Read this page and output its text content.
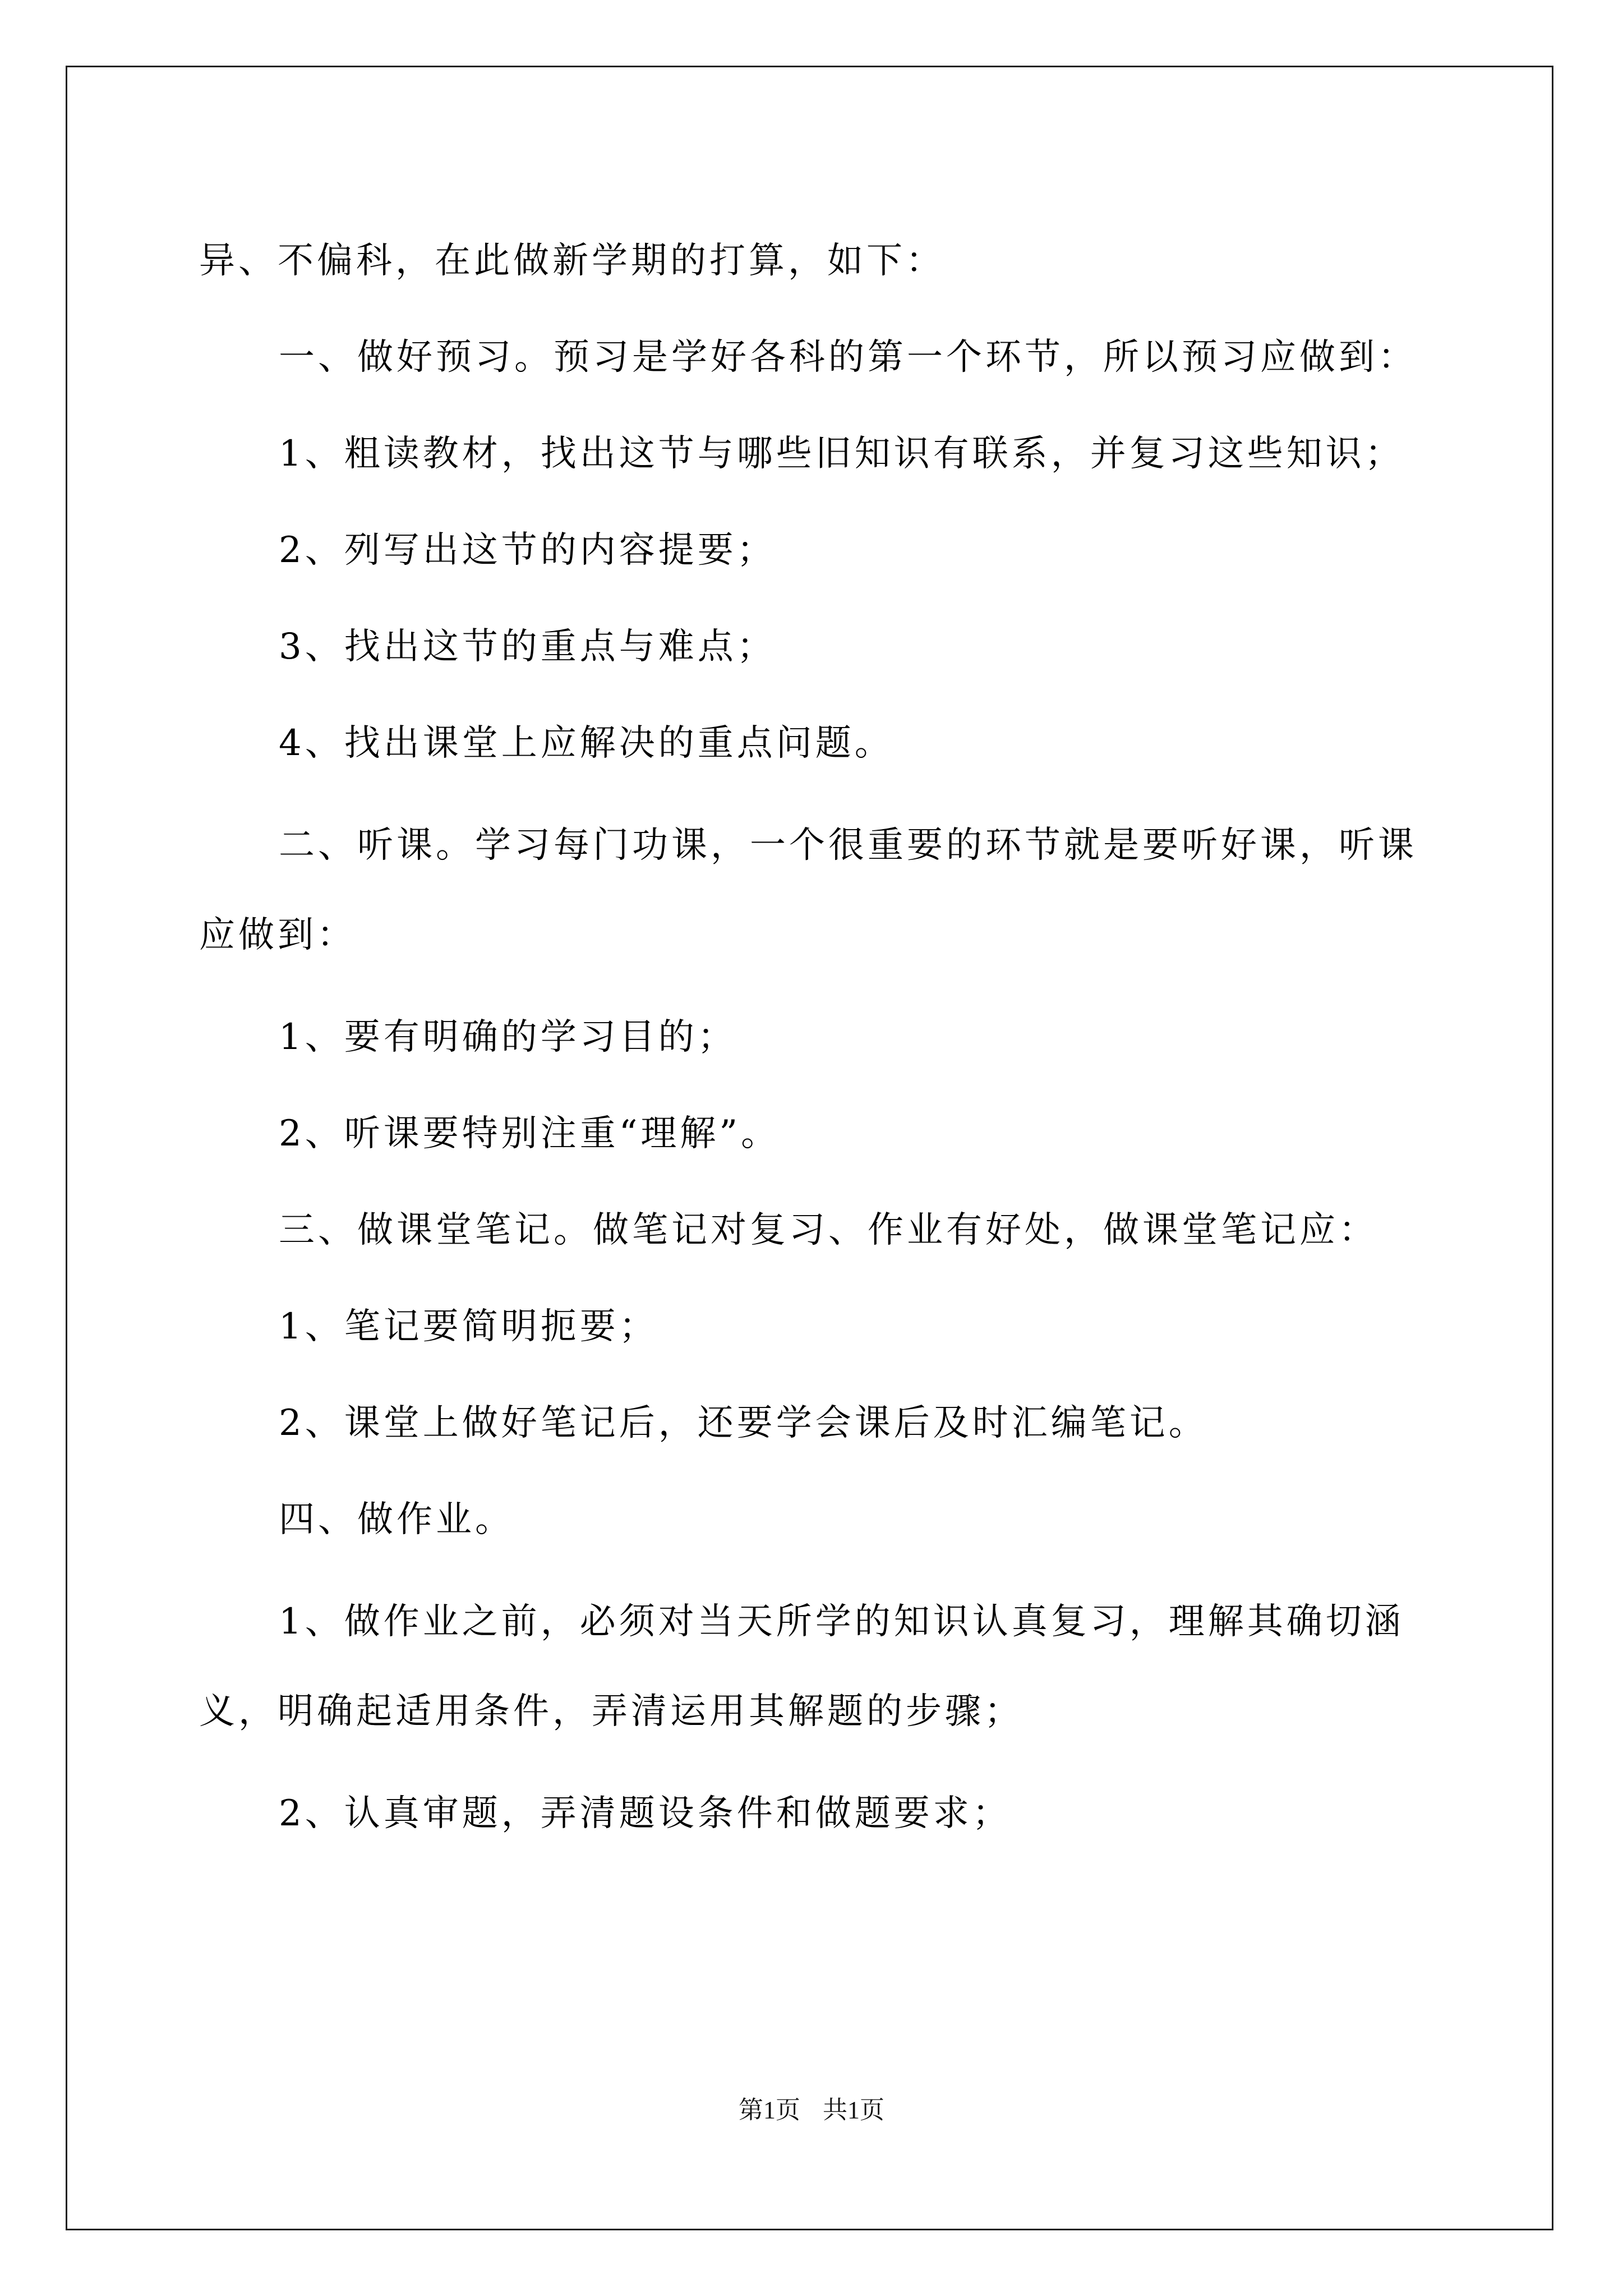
异、不偏科，在此做新学期的打算，如下：

一、做好预习。预习是学好各科的第一个环节，所以预习应做到：

1、粗读教材，找出这节与哪些旧知识有联系，并复习这些知识；

2、列写出这节的内容提要；

3、找出这节的重点与难点；

4、找出课堂上应解决的重点问题。

二、听课。学习每门功课，一个很重要的环节就是要听好课，听课应做到：

1、要有明确的学习目的；

2、听课要特别注重“理解”。

三、做课堂笔记。做笔记对复习、作业有好处，做课堂笔记应：

1、笔记要简明扼要；

2、课堂上做好笔记后，还要学会课后及时汇编笔记。

四、做作业。

1、做作业之前，必须对当天所学的知识认真复习，理解其确切涵义，明确起适用条件，弄清运用其解题的步骤；

2、认真审题，弄清题设条件和做题要求；

第1页 共1页
